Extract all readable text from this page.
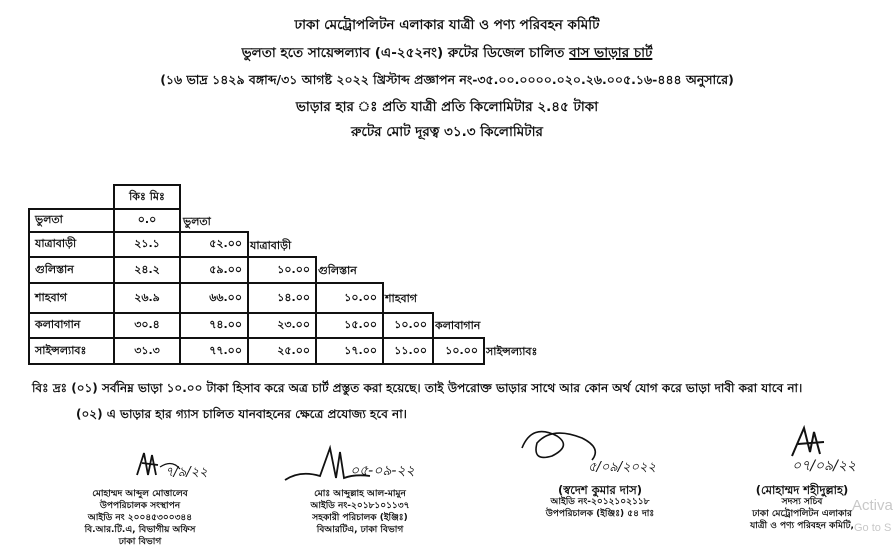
ঢাকা মেট্রোপলিটন এলাকার যাত্রী ও পণ্য পরিবহন কমিটি
ভুলতা হতে সায়েন্সল্যাব (এ-২৫২নং) রুটের ডিজেল চালিত বাস ভাড়ার চার্ট
(১৬ ভাদ্র ১৪২৯ বঙ্গাব্দ/৩১ আগষ্ট ২০২২ খ্রিস্টাব্দ প্রজ্ঞাপন নং-৩৫.০০.০০০০.০২০.২৬.০০৫.১৬-৪৪৪ অনুসারে)
ভাড়ার হার ঃ প্রতি যাত্রী প্রতি কিলোমিটার ২.৪৫ টাকা
রুটের মোট দূরত্ব ৩১.৩ কিলোমিটার
কিঃ মিঃ
ভুলতা	০.০	ভুলতা
যাত্রাবাড়ী	২১.১	৫২.০০ যাত্রাবাড়ী
গুলিস্তান	২৪.২	৫৯.০০	১০.০০ গুলিস্তান
শাহবাগ	২৬.৯	৬৬.০০	১৪.০০	১০.০০ শাহবাগ
কলাবাগান	৩০.৪	৭৪.০০	২৩.০০	১৫.০০	১০.০০ কলাবাগান
সাইন্সল্যাবঃ	৩১.৩	৭৭.০০	২৫.০০	১৭.০০	১১.০০	১০.০০ সাইন্সল্যাবঃ
বিঃ দ্রঃ (০১) সর্বনিম্ন ভাড়া ১০.০০ টাকা হিসাব করে অত্র চার্ট প্রস্তুত করা হয়েছে। তাই উপরোক্ত ভাড়ার সাথে আর কোন অর্থ যোগ করে ভাড়া দাবী করা যাবে না।
(০২) এ ভাড়ার হার গ্যাস চালিত যানবাহনের ক্ষেত্রে প্রযোজ্য হবে না।
৭/৯/২২	০৫-০৯-২২	৫/০৯/২০২২	০৭/০৯/২২
মোহাম্মদ আব্দুল মোত্তালেব
উপপরিচালক সংস্থাপন
আইডি নং ২০০৪৫৩০০৩৪৪
বি.আর.টি.এ, বিভাগীয় অফিস
ঢাকা বিভাগ
মোঃ আব্দুল্লাহ আল-মামুন
আইডি নং-২০১৮১০১১৩৭
সহকারী পরিচালক (ইঞ্জিঃ)
বিআরটিএ, ঢাকা বিভাগ
(স্বদেশ কুমার দাস)
আইডি নং-২০১২১০২১১৮
উপপরিচালক (ইঞ্জিঃ) ৫৪ দাঃ
(মোহাম্মদ শহীদুল্লাহ)
সদস্য সচিব
ঢাকা মেট্রোপলিটন এলাকার
যাত্রী ও পণ্য পরিবহন কমিটি,
Activa
Go to S
